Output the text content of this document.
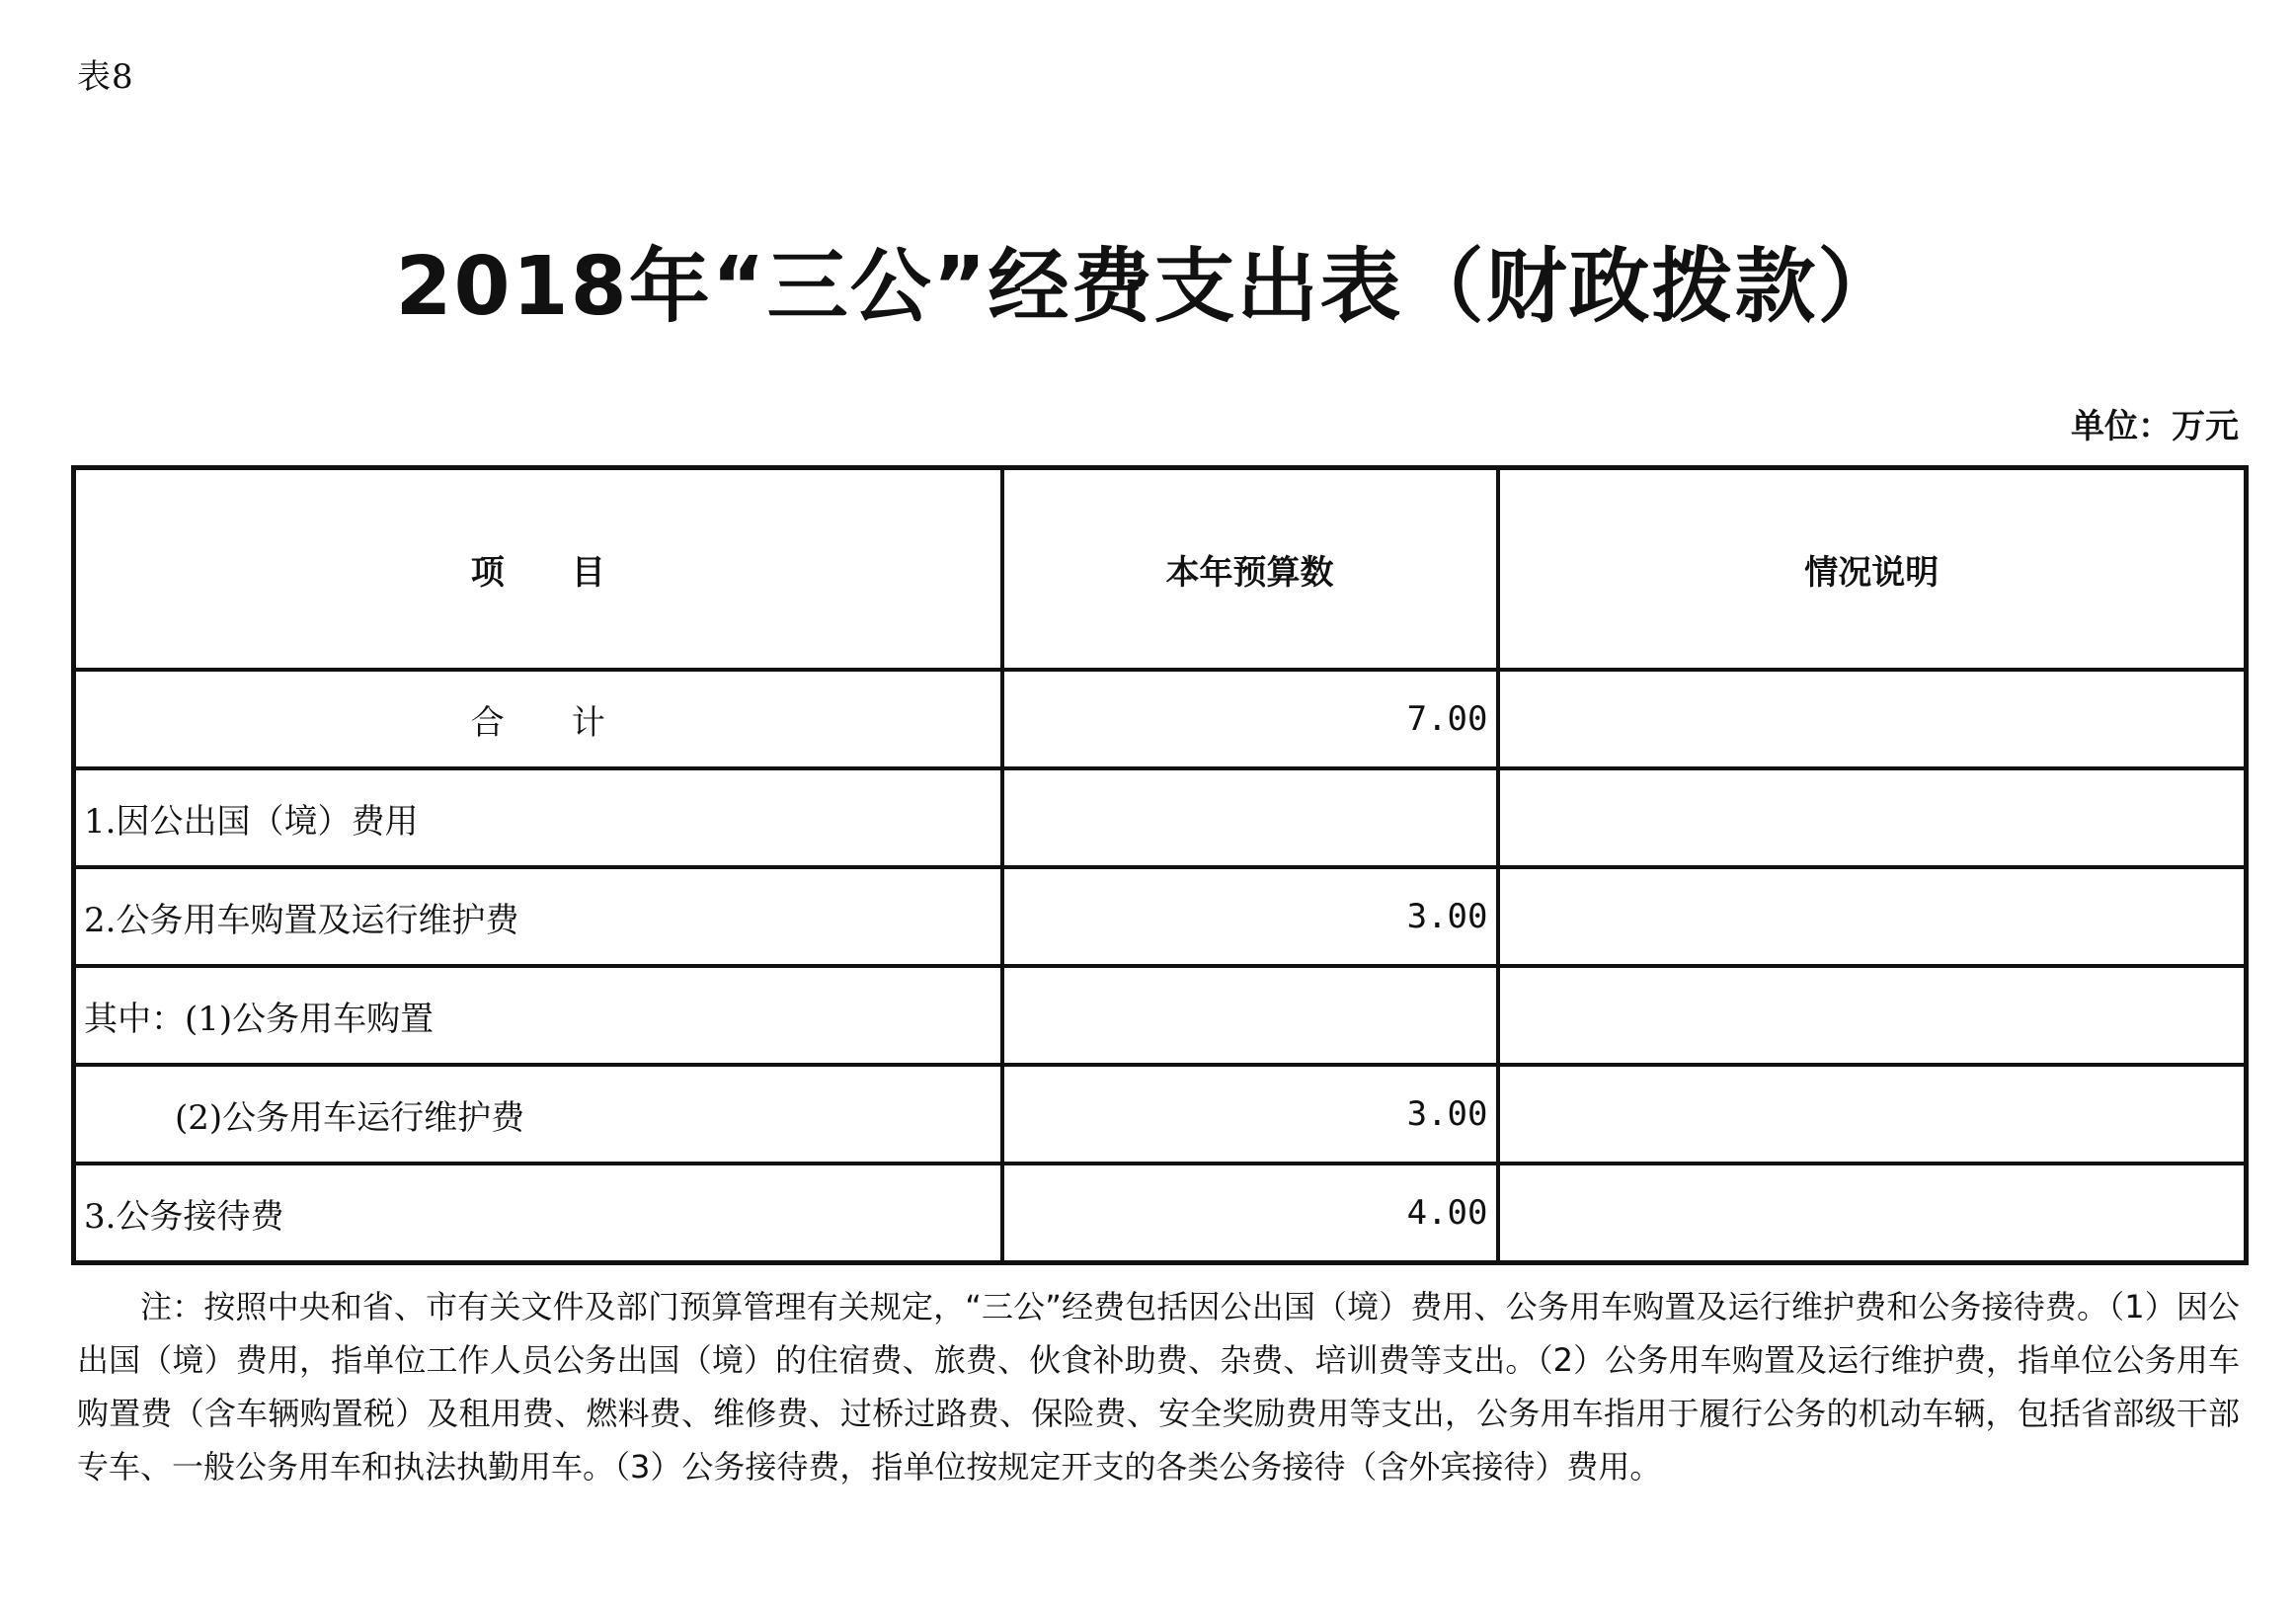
表8
2018年“三公”经费支出表（财政拨款）
单位：万元
项　　目	本年预算数	情况说明
合　　计	7.00	
1.因公出国（境）费用		
2.公务用车购置及运行维护费	3.00	
其中：(1)公务用车购置		
(2)公务用车运行维护费	3.00	
3.公务接待费	4.00	
注：按照中央和省、市有关文件及部门预算管理有关规定，“三公”经费包括因公出国（境）费用、公务用车购置及运行维护费和公务接待费。（1）因公出国（境）费用，指单位工作人员公务出国（境）的住宿费、旅费、伙食补助费、杂费、培训费等支出。（2）公务用车购置及运行维护费，指单位公务用车购置费（含车辆购置税）及租用费、燃料费、维修费、过桥过路费、保险费、安全奖励费用等支出，公务用车指用于履行公务的机动车辆，包括省部级干部专车、一般公务用车和执法执勤用车。（3）公务接待费，指单位按规定开支的各类公务接待（含外宾接待）费用。
